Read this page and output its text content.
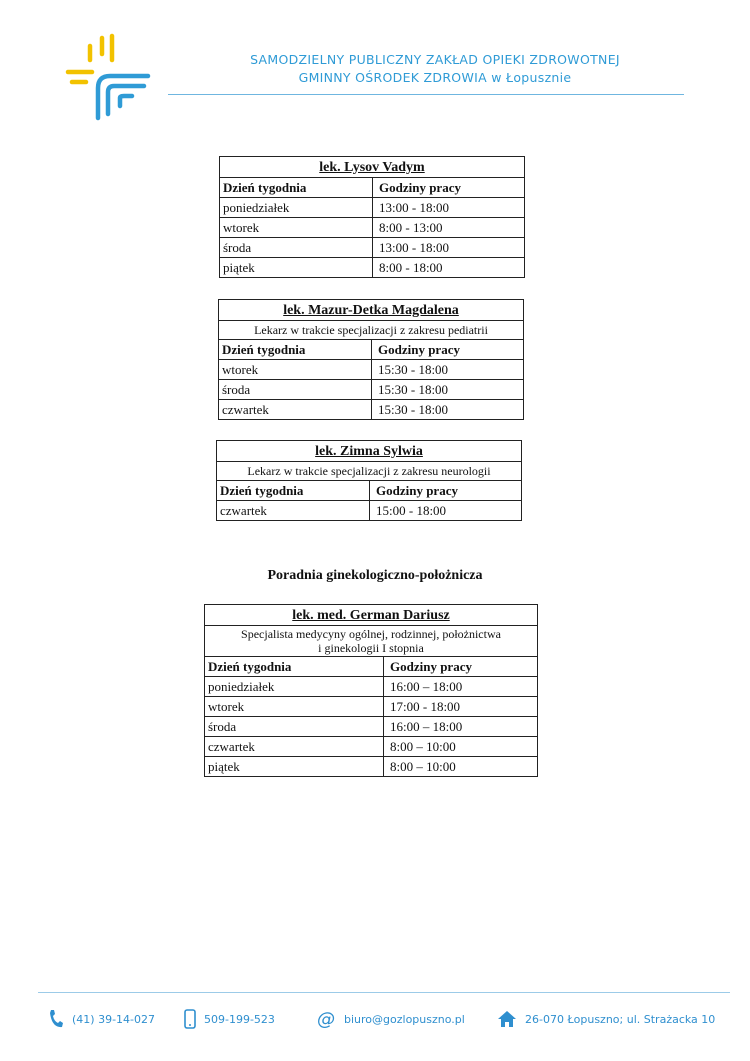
SAMODZIELNY PUBLICZNY ZAKŁAD OPIEKI ZDROWOTNEJ
GMINNY OŚRODEK ZDROWIA w Łopusznie
lek. Lysov Vadym	
Dzień tygodnia	Godziny pracy
poniedziałek	13:00 - 18:00
wtorek	8:00 - 13:00
środa	13:00 - 18:00
piątek	8:00 - 18:00
lek. Mazur-Detka Magdalena	
Lekarz w trakcie specjalizacji z zakresu pediatrii	
Dzień tygodnia	Godziny pracy
wtorek	15:30 - 18:00
środa	15:30 - 18:00
czwartek	15:30 - 18:00
lek. Zimna Sylwia	
Lekarz w trakcie specjalizacji z zakresu neurologii	
Dzień tygodnia	Godziny pracy
czwartek	15:00 - 18:00
Poradnia ginekologiczno-położnicza
lek. med. German Dariusz	

Specjalista medycyny ogólnej, rodzinnej, położnictwa
i ginekologii I stopnia	

Dzień tygodnia	Godziny pracy
poniedziałek	16:00 – 18:00
wtorek	17:00 - 18:00
środa	16:00 – 18:00
czwartek	8:00 – 10:00
piątek	8:00 – 10:00
(41) 39-14-027	509-199-523 @ biuro@gozlopuszno.pl	26-070 Łopuszno; ul. Strażacka 10
